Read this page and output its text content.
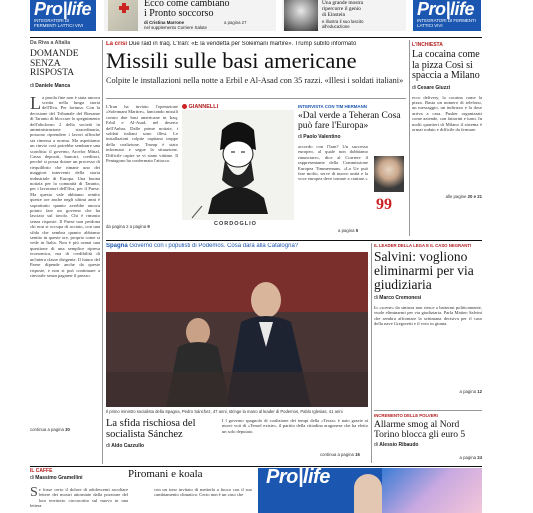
Pro|life
INTEGRATORI DI FERMENTI LATTICI VIVI
Ecco come cambiano
i Pronto soccorso
di Cristina Marrone
nel supplemento Corriere Salute
a pagina 27
Una grande mostra
ripercorre il genio
di Einstein
e illustra il suo lascito
all'educazione
Pro|life
INTEGRATORI DI FERMENTI LATTICI VIVI
Da Riva a Altalia
DOMANDE SENZA RISPOSTA
di Daniele Manca
La parola fine non è stata ancora scritta nella lunga storia dell'Ilva. Per fortuna. Con la decisione del Tribunale del Riesame di Taranto di bloccare lo spegnimento dell'altoforno 2 della società in amministrazione straordinaria, possono riprendere i lavori affinché sia rimessa a norma. Ma aspettiamo un rinvio così potrebbe sembrare una sconfitta: il governo, Arcelor Mittal, Cassa depositi, bancari, creditori, perché si possa dotare un processo di riequilibrio che rimane uno dei maggiori interventi della storia industriale di Europa. Una buona notizia per la comunità di Taranto, per i lavoratori dell'Ilva, per il Paese. Ma questo vale abbiamo sentito queste ore anche negli ultimi anni è soprattutto quanto avrebbe ancora potuto fare un governo che ha lasciato sul tavolo. Chi è rimasto senza risposte. Il Paese non perdona chi non si occupa di acciaio, con una sfida che sembra quanto abbiamo sentito in queste ore, proprio come si vede in Italia. Non è più ormai una questione di una semplice ripresa economica, ma di credibilità di un'intera classe dirigente. Il futuro del Paese dipende anche da queste risposte, e non si può continuare a rinviarle senza pagarne il prezzo.
continua a pagina 30
La crisi Due raid in Iraq. L'Iran: «È la vendetta per Soleimani martire». Trump subito informato
Missili sulle basi americane
Colpite le installazioni nella notte a Erbil e Al-Asad con 35 razzi. «Illesi i soldati italiani»
L'Iran ha inviato l'operazione «Soleimani Martire», lanciando missili contro due basi americane in Iraq, Erbil e Al-Asad, nel deserto dell'Anbar. Dalle prime notizie, i soldati italiani sono illesi. Le installazioni colpite ospitano truppe della coalizione. Trump è stato informato e segue la situazione. Difficile capire se vi siano vittime. Il Pentagono ha confermato l'attacco.
da pagina 2 a pagina 9
GIANNELLI
CORDOGLIO
INTERVISTA CON TIM HERMANN
«Dal verde a Teheran Cosa può fare l'Europa»
di Paolo Valentino
accordo con l'Iran? Un successo europeo, al quale non dobbiamo rinunciare», dice al Corriere il rappresentante della Commissione Europea Timmermans. «La Ue può fare molto, serve di nuovo unità e la voce europea deve tornare a contare.»
99
a pagina 5
L'INCHIESTA
La cocaina come la pizza Così si spaccia a Milano
di Cesare Giuzzi
ecco delivery, la cocaina come la pizza. Basta un numero di telefono, un messaggio, un indirizzo e la dose arriva a casa. Pusher organizzati come aziende, con fattorini e turni. In molti quartieri di Milano il sistema è ormai rodato e difficile da fermare.
alle pagine 20 e 21
Spagna Governo con i populisti di Podemos. Cosa darà alla Catalogna?
Il primo ministro socialista della Spagna, Pedro Sánchez, 47 anni, stringe la mano al leader di Podemos, Pablo Iglesias, 41 anni
La sfida rischiosa del socialista Sánchez
di Aldo Cazzullo
I l governo spagnolo di coalizione dei tempi della «Terza» è nato grazie ai nuovi voti di «Teruel existe», il partito della cittadina aragonese che ha eletto un solo deputato.
continua a pagina 16
IL LEADER DELLA LEGA E IL CASO NEGRANTI
Salvini: vogliono eliminarmi per via giudiziaria
di Marco Cremonesi
Io «scene» da sinistra non riesce a battermi politicamente, vuole eliminarmi per via giudiziaria. Parla Matteo Salvini che sembra affrontare la settimana decisiva per il caso della nave Gregoretti e il voto in giunta.
a pagina 12
INCREMENTO DELLE POLVERI
Allarme smog al Nord Torino blocca gli euro 5
di Alessio Ribaudo
a pagina 24
IL CAFFÈ
di Massimo Gramellini	Piromani e koala
Se fosse certo il dolore di adolescenti ascoltare lettere dei mostri attorniate dalla porzione del loro territorio circoscritto sul nuovo in una lettera
con un tono invitato di metterla a fuoco con il suo cambiamento climatico. Certo non è un caso che
Pro|life
